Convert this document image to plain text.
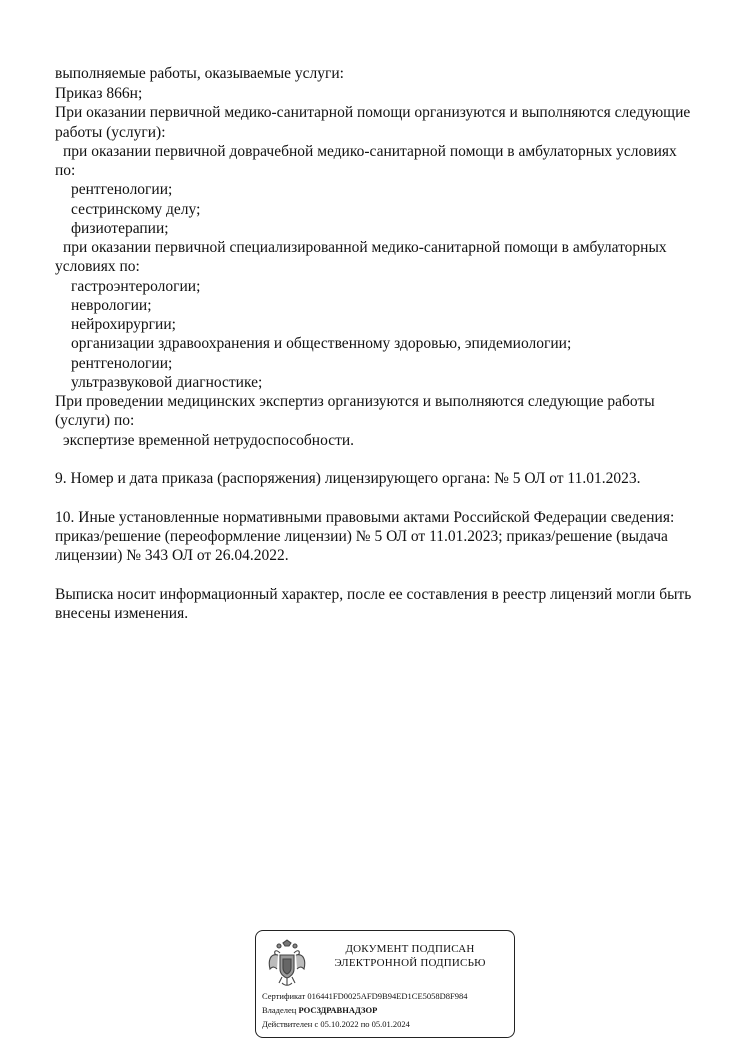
выполняемые работы, оказываемые услуги:
Приказ 866н;
При оказании первичной медико-санитарной помощи организуются и выполняются следующие
работы (услуги):
при оказании первичной доврачебной медико-санитарной помощи в амбулаторных условиях
по:
рентгенологии;
сестринскому делу;
физиотерапии;
при оказании первичной специализированной медико-санитарной помощи в амбулаторных
условиях по:
гастроэнтерологии;
неврологии;
нейрохирургии;
организации здравоохранения и общественному здоровью, эпидемиологии;
рентгенологии;
ультразвуковой диагностике;
При проведении медицинских экспертиз организуются и выполняются следующие работы
(услуги) по:
экспертизе временной нетрудоспособности.
9. Номер и дата приказа (распоряжения) лицензирующего органа: № 5 ОЛ от 11.01.2023.
10. Иные установленные нормативными правовыми актами Российской Федерации сведения:
приказ/решение (переоформление лицензии) № 5 ОЛ от 11.01.2023; приказ/решение (выдача
лицензии) № 343 ОЛ от 26.04.2022.
Выписка носит информационный характер, после ее составления в реестр лицензий могли быть
внесены изменения.
ДОКУМЕНТ ПОДПИСАН
ЭЛЕКТРОННОЙ ПОДПИСЬЮ
Сертификат 016441FD0025AFD9B94ED1CE5058D8F984
Владелец РОСЗДРАВНАДЗОР
Действителен с 05.10.2022 по 05.01.2024
